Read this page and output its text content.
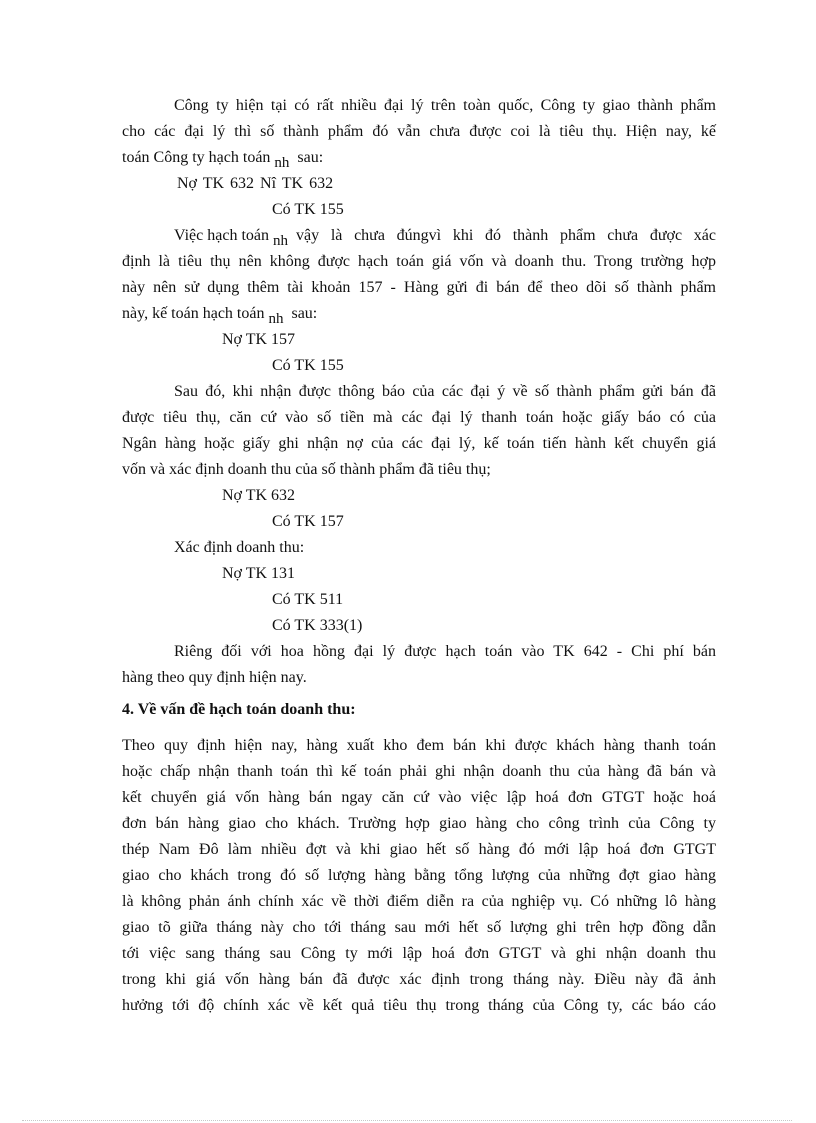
Công ty hiện tại có rất nhiều đại lý trên toàn quốc, Công ty giao thành phẩm
cho các đại lý thì số thành phẩm đó vẫn chưa được coi là tiêu thụ. Hiện nay, kế
toán Công ty hạch toán nh sau:
Nợ TK 632 Nî TK 632
Có TK 155
Việc hạch toán
nh
vậy là chưa đúngvì khi đó thành phẩm chưa được xác
định là tiêu thụ nên không được hạch toán giá vốn và doanh thu. Trong trường hợp
này nên sử dụng thêm tài khoản 157 - Hàng gửi đi bán để theo dõi số thành phẩm
này, kế toán hạch toán nh sau:
Nợ TK 157
Có TK 155
Sau đó, khi nhận được thông báo của các đại ý về số thành phẩm gửi bán đã
được tiêu thụ, căn cứ vào số tiền mà các đại lý thanh toán hoặc giấy báo có của
Ngân hàng hoặc giấy ghi nhận nợ của các đại lý, kế toán tiến hành kết chuyển giá
vốn và xác định doanh thu của số thành phẩm đã tiêu thụ;
Nợ TK 632
Có TK 157
Xác định doanh thu:
Nợ TK 131
Có TK 511
Có TK 333(1)
Riêng đối với hoa hồng đại lý được hạch toán vào TK 642 - Chi phí bán
hàng theo quy định hiện nay.
4. Về vấn đề hạch toán doanh thu:
Theo quy định hiện nay, hàng xuất kho đem bán khi được khách hàng thanh toán
hoặc chấp nhận thanh toán thì kế toán phải ghi nhận doanh thu của hàng đã bán và
kết chuyển giá vốn hàng bán ngay căn cứ vào việc lập hoá đơn GTGT hoặc hoá
đơn bán hàng giao cho khách. Trường hợp giao hàng cho công trình của Công ty
thép Nam Đô làm nhiều đợt và khi giao hết số hàng đó mới lập hoá đơn GTGT
giao cho khách trong đó số lượng hàng bằng tổng lượng của những đợt giao hàng
là không phản ánh chính xác về thời điểm diễn ra của nghiệp vụ. Có những lô hàng
giao tõ giữa tháng này cho tới tháng sau mới hết số lượng ghi trên hợp đồng dẫn
tới việc sang tháng sau Công ty mới lập hoá đơn GTGT và ghi nhận doanh thu
trong khi giá vốn hàng bán đã được xác định trong tháng này. Điều này đã ảnh
hưởng tới độ chính xác về kết quả tiêu thụ trong tháng của Công ty, các báo cáo
